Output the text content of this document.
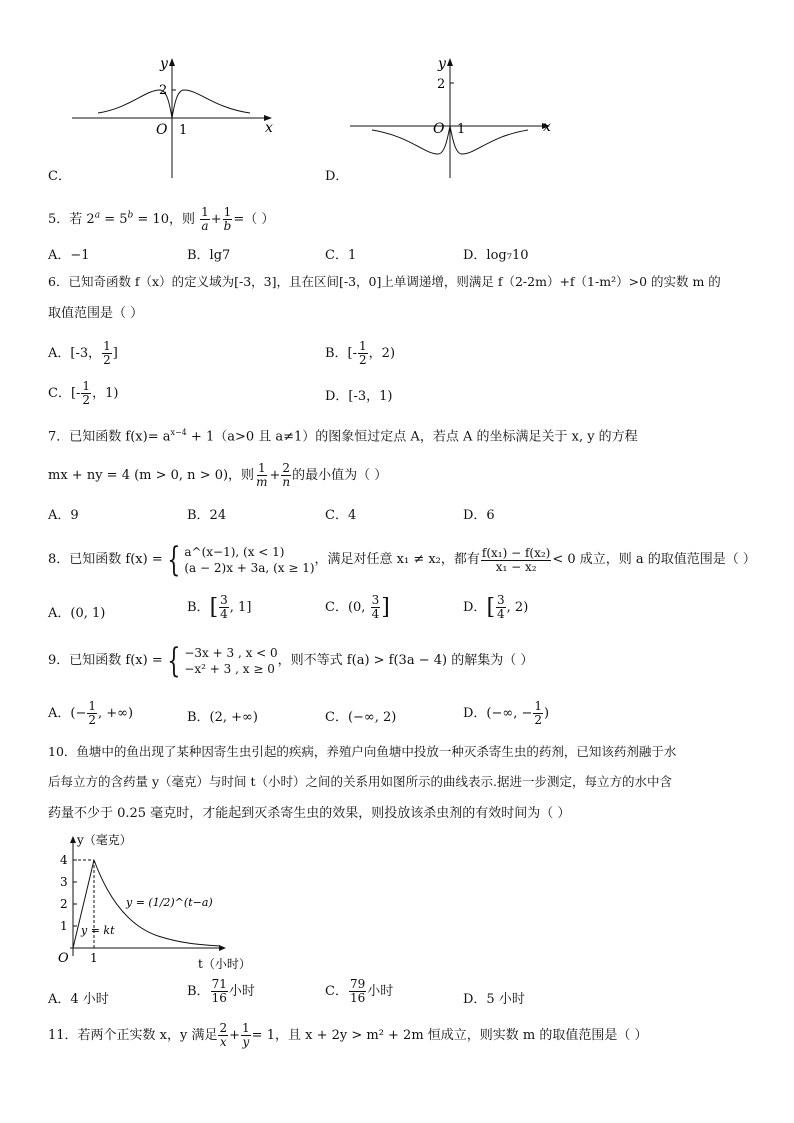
y
2
O 1	x
C．
y
2
O 1	x
D．
5．若 $2^a = 5^b = 10$，则 $\frac{1}{a} + \frac{1}{b}$ =（ ）
A．−1	B．lg7	C．1	D．log₇10
6．已知奇函数 f（x）的定义域为[-3，3]，且在区间[-3，0]上单调递增，则满足 f（2-2m）+f（1-m²）>0 的实数 m 的
取值范围是（ ）
A．[-3， $\frac{1}{2}$ ]	B．[- $\frac{1}{2}$ ，2)
C．[- $\frac{1}{2}$ ，1)	D．[-3，1)
7．已知函数 $f(x)= a^{x-4} + 1(a>0$ 且 a≠1）的图象恒过定点 A，若点 A 的坐标满足关于 x, y 的方程
mx + ny = 4 (m > 0, n > 0)，则 $\frac{1}{m} + \frac{2}{n}$ 的最小值为（ ）
A．9	B．24	C．4	D．6
8．已知函数 f(x) = { a^(x−1), (x < 1)
(a − 2)x + 3a, (x ≥ 1)
，满足对任意 x₁ ≠ x₂，都有 $\frac{\text{f(x₁) − f(x₂)}}{\text{x₁ − x₂}} < 0$ 成立，则 a 的取值范围是（ ）
A．(0, 1)	B．[ $\frac{3}{4}$ , 1]	C．(0, $\frac{3}{4}$ ]	D．[ $\frac{3}{4}$ , 2)
9．已知函数 f(x) = { −3x + 3 , x < 0
−x² + 3 , x ≥ 0
，则不等式 f(a) > f(3a − 4) 的解集为（ ）
A．(− $\frac{1}{2}$ , +∞)	B．(2, +∞)	C．(−∞, 2)	D．(−∞, − $\frac{1}{2}$ )
10．鱼塘中的鱼出现了某种因寄生虫引起的疾病，养殖户向鱼塘中投放一种灭杀寄生虫的药剂，已知该药剂融于水
后每立方的含药量 y（毫克）与时间 t（小时）之间的关系用如图所示的曲线表示.据进一步测定，每立方的水中含
药量不少于 0.25 毫克时，才能起到灭杀寄生虫的效果，则投放该杀虫剂的有效时间为（ ）
y（毫克）
4
3
2
1
O 1
y = (1/2)^(t−a)
y = kt
t（小时）
A．4 小时
B． $\frac{71}{16}$ 小时	C． $\frac{79}{16}$ 小时
D．5 小时
11．若两个正实数 x，y 满足 $\frac{2}{x} + \frac{1}{y} = 1$，且 x + 2y > m² + 2m 恒成立，则实数 m 的取值范围是（ ）
